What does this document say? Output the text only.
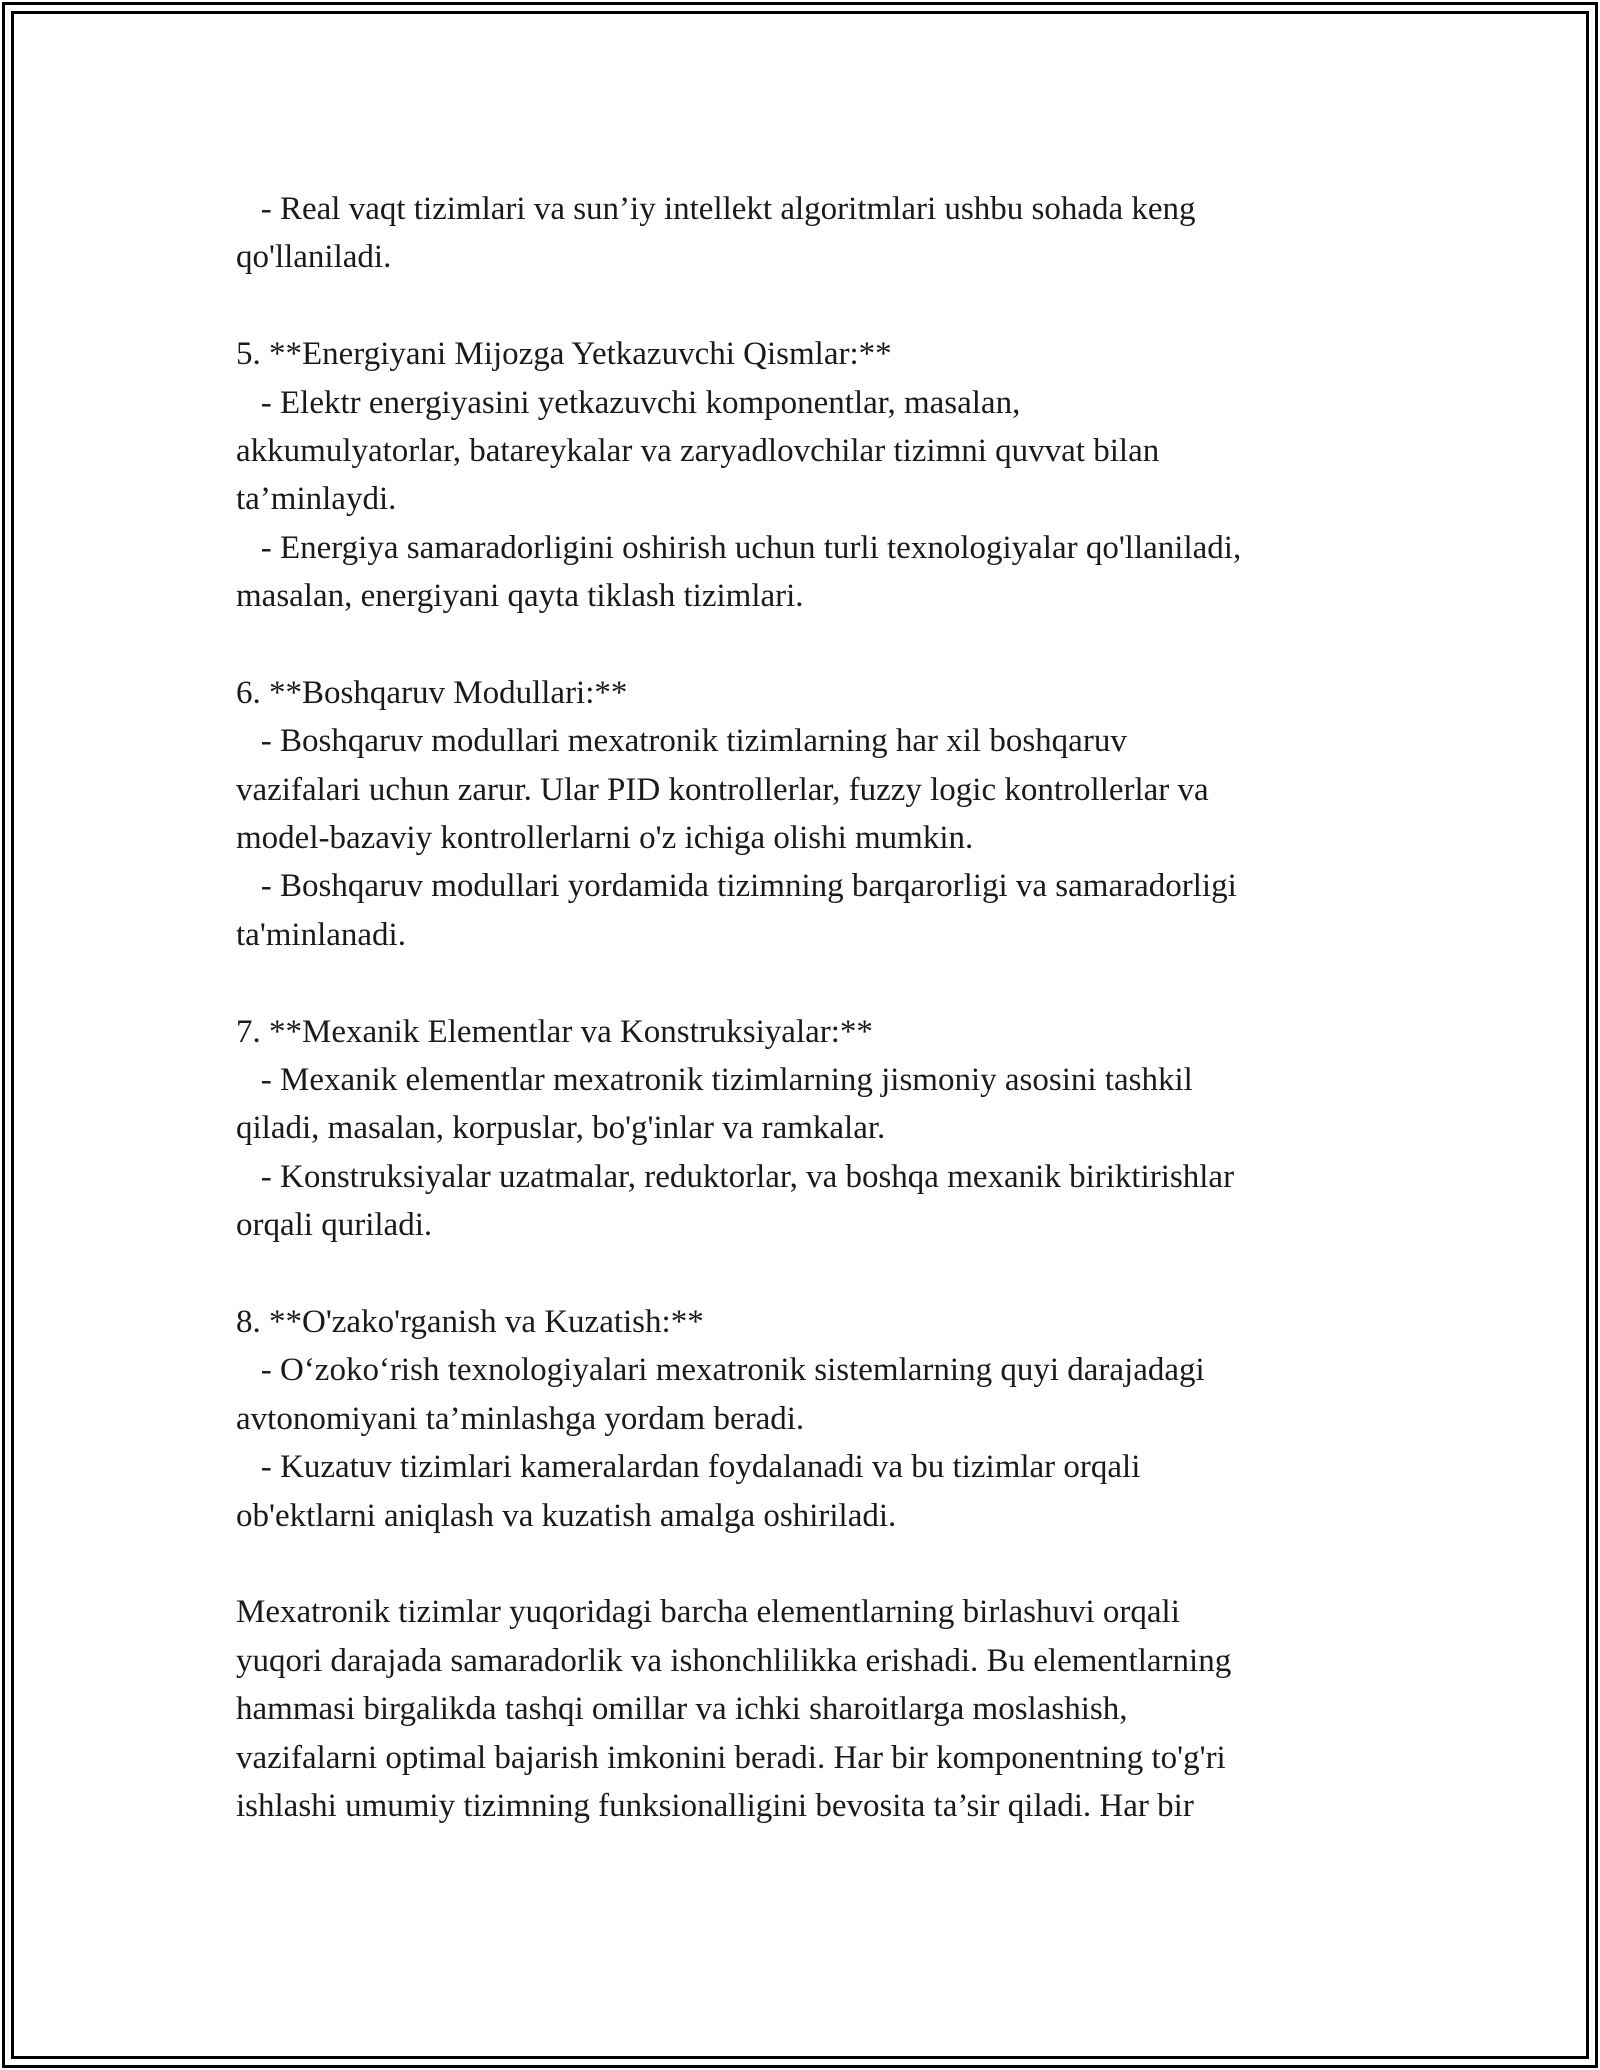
- Real vaqt tizimlari va sun’iy intellekt algoritmlari ushbu sohada keng
qo'llaniladi.
5. **Energiyani Mijozga Yetkazuvchi Qismlar:**
- Elektr energiyasini yetkazuvchi komponentlar, masalan,
akkumulyatorlar, batareykalar va zaryadlovchilar tizimni quvvat bilan
ta’minlaydi.
- Energiya samaradorligini oshirish uchun turli texnologiyalar qo'llaniladi,
masalan, energiyani qayta tiklash tizimlari.
6. **Boshqaruv Modullari:**
- Boshqaruv modullari mexatronik tizimlarning har xil boshqaruv
vazifalari uchun zarur. Ular PID kontrollerlar, fuzzy logic kontrollerlar va
model-bazaviy kontrollerlarni o'z ichiga olishi mumkin.
- Boshqaruv modullari yordamida tizimning barqarorligi va samaradorligi
ta'minlanadi.
7. **Mexanik Elementlar va Konstruksiyalar:**
- Mexanik elementlar mexatronik tizimlarning jismoniy asosini tashkil
qiladi, masalan, korpuslar, bo'g'inlar va ramkalar.
- Konstruksiyalar uzatmalar, reduktorlar, va boshqa mexanik biriktirishlar
orqali quriladi.
8. **O'zako'rganish va Kuzatish:**
- O‘zoko‘rish texnologiyalari mexatronik sistemlarning quyi darajadagi
avtonomiyani ta’minlashga yordam beradi.
- Kuzatuv tizimlari kameralardan foydalanadi va bu tizimlar orqali
ob'ektlarni aniqlash va kuzatish amalga oshiriladi.
Mexatronik tizimlar yuqoridagi barcha elementlarning birlashuvi orqali
yuqori darajada samaradorlik va ishonchlilikka erishadi. Bu elementlarning
hammasi birgalikda tashqi omillar va ichki sharoitlarga moslashish,
vazifalarni optimal bajarish imkonini beradi. Har bir komponentning to'g'ri
ishlashi umumiy tizimning funksionalligini bevosita ta’sir qiladi. Har bir
